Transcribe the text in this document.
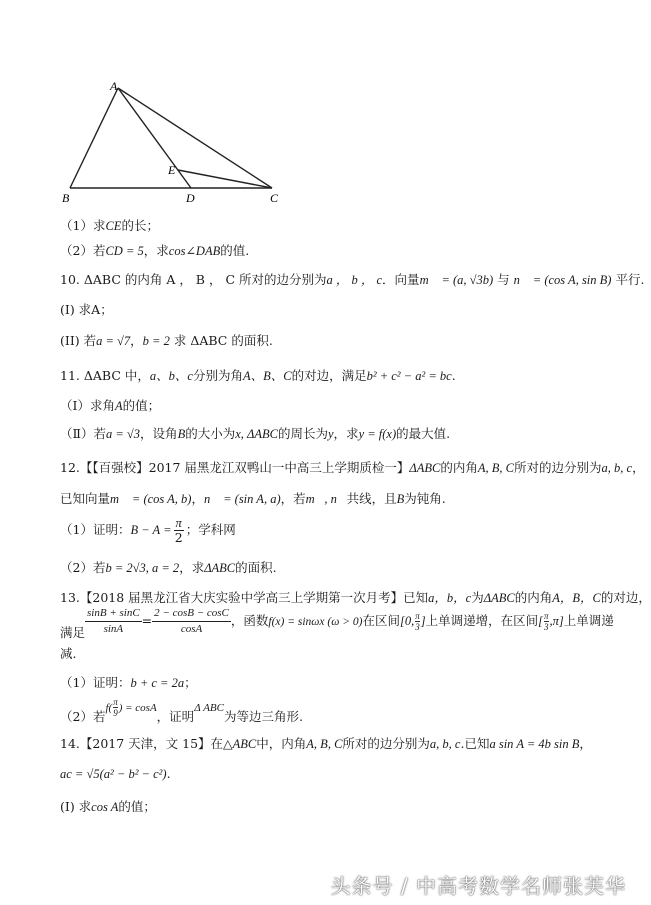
A
B	C
D
E
（1）求CE的长；
（2）若CD = 5，求cos∠DAB的值.
10. ΔABC 的内角 A ， B ， C 所对的边分别为a ， b ， c．向量m⃗ = (a, √3b) 与 n⃗ = (cos A, sin B) 平行.
(I) 求A；
(II) 若a = √7，b = 2 求 ΔABC 的面积.
11. ΔABC 中，a、b、c分别为角A、B、C的对边，满足b² + c² − a² = bc.
（Ⅰ）求角A的值；
（Ⅱ）若a = √3，设角B的大小为x, ΔABC的周长为y，求y = f(x)的最大值.
12.【【百强校】2017 届黑龙江双鸭山一中高三上学期质检一】ΔABC的内角A, B, C所对的边分别为a, b, c，
已知向量m⃗ = (cos A, b)，n⃗ = (sin A, a)，若m⃗, n⃗共线，且B为钝角.
（1）证明：$B - A = \frac{\pi}{2}$ ；学科网
（2）若b = 2√3, a = 2，求ΔABC的面积.
13.【2018 届黑龙江省大庆实验中学高三上学期第一次月考】已知a，b，c为ΔABC的内角A，B，C的对边，
满足 $\frac{\sin B + \sin C}{\sin A} = \frac{2 - \cos B - \cos C}{\cos A}$ ，函数f(x) = sinωx (ω > 0)在区间[0, $\frac{\pi}{3}$ ]上单调递增，在区间[ $\frac{\pi}{3} ,\pi$]上单调递
减.
（1）证明：b + c = 2a；
（2）若$f( \frac{\pi}{9}$ ) = cosA，证明Δ ABC为等边三角形.
14.【2017 天津，文 15】在△ABC中，内角A, B, C所对的边分别为a, b, c.已知a sin A = 4b sin B，
ac = √5(a² − b² − c²).
(I) 求cos A的值；
头条号 / 中高考数学名师张芙华
